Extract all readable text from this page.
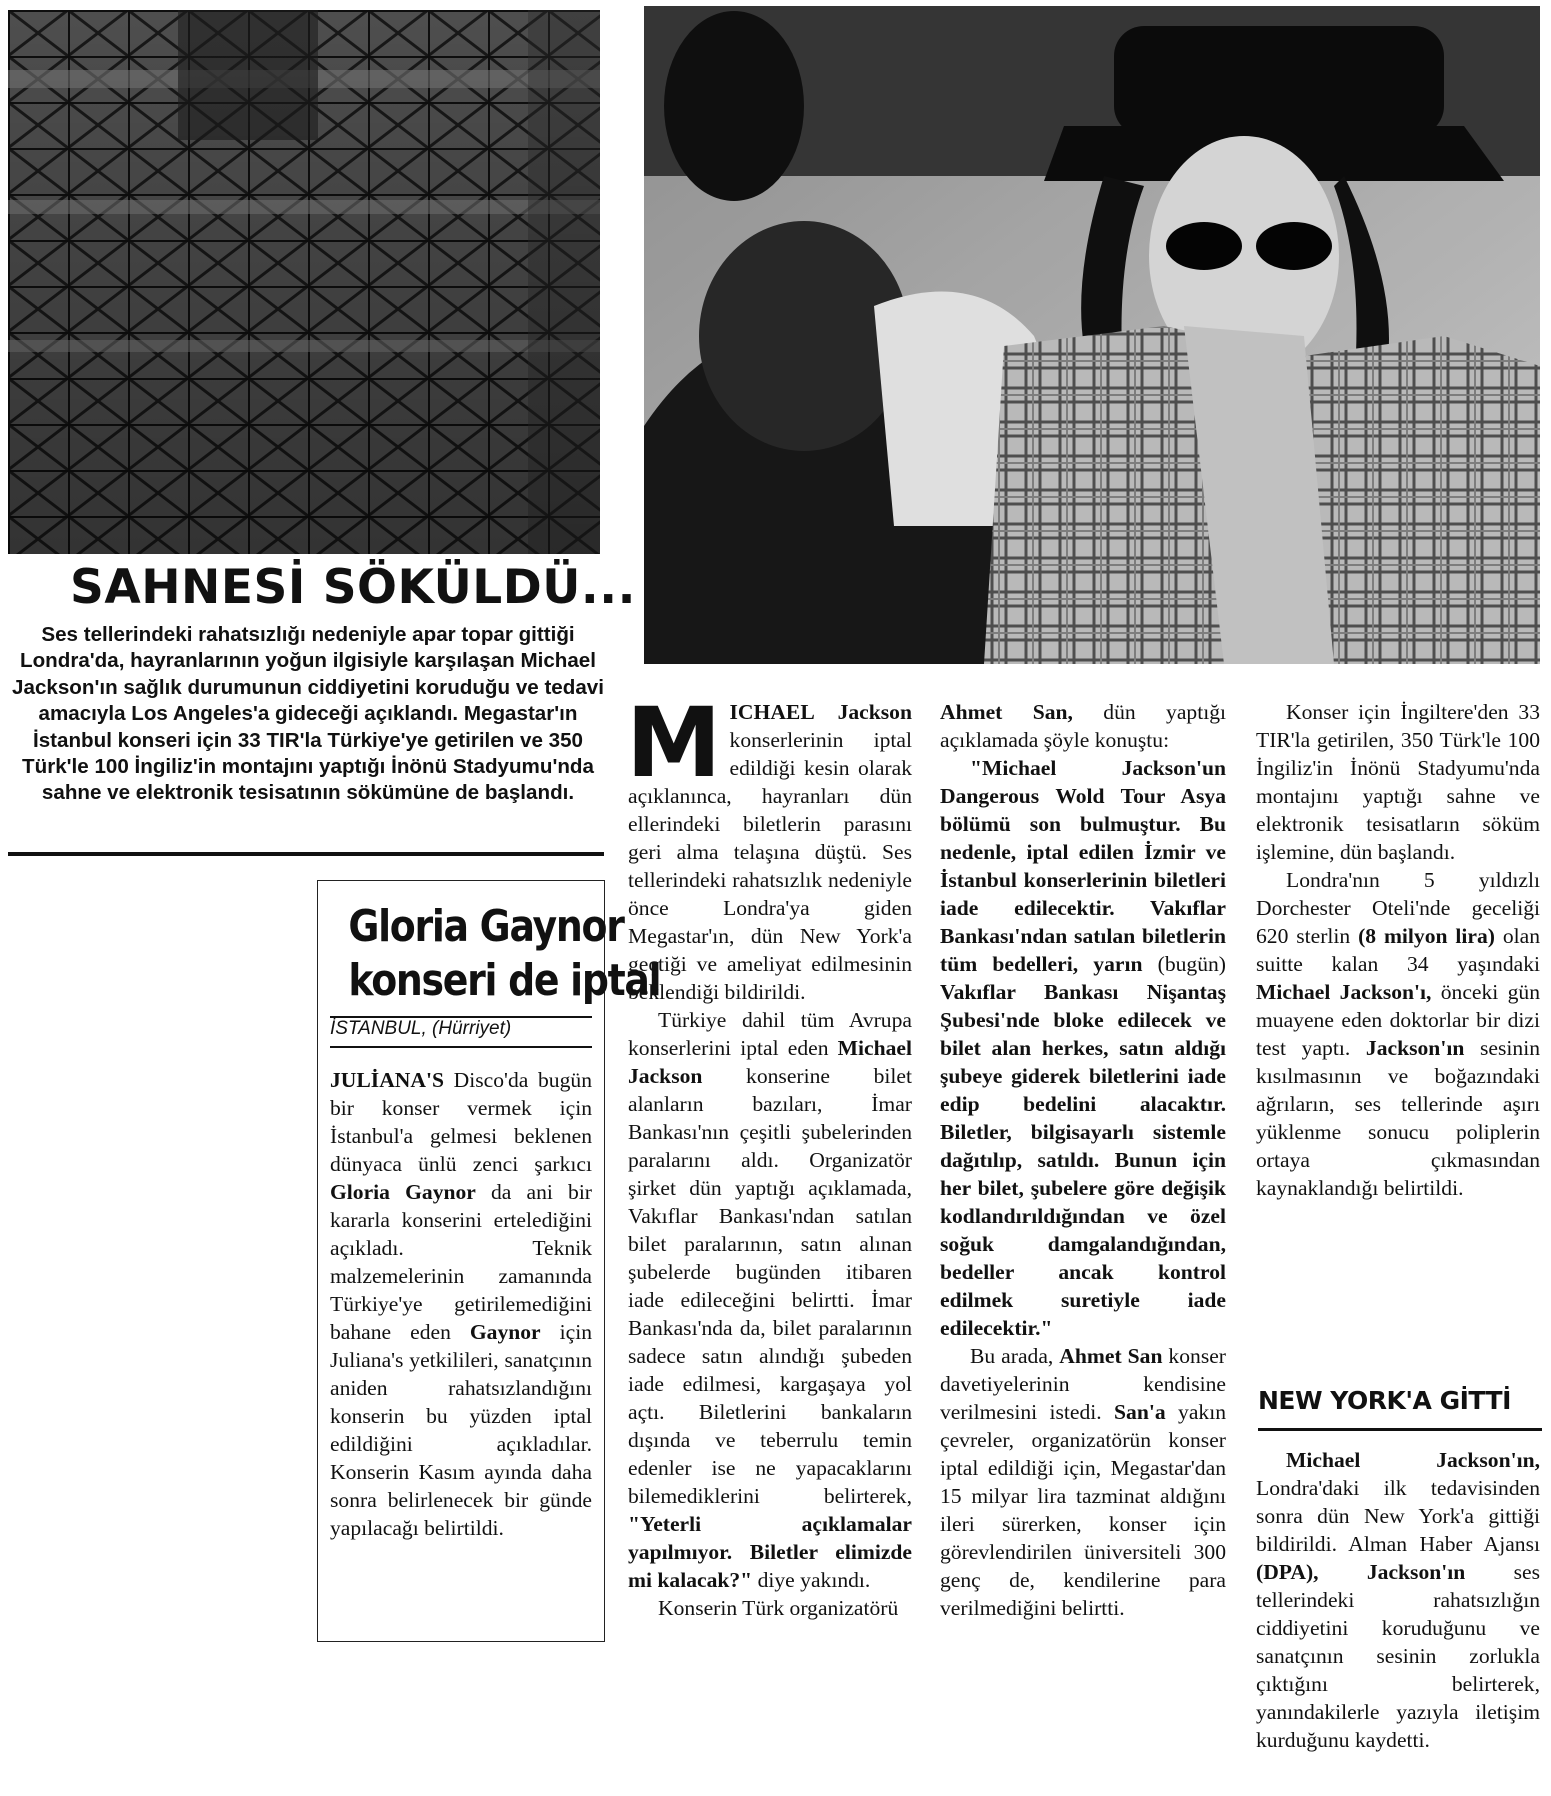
SAHNESİ SÖKÜLDÜ...
Ses tellerindeki rahatsızlığı nedeniyle apar topar gittiği Londra'da, hayranlarının yoğun ilgisiyle karşılaşan Michael Jackson'ın sağlık durumunun ciddiyetini koruduğu ve tedavi amacıyla Los Angeles'a gideceği açıklandı. Megastar'ın İstanbul konseri için 33 TIR'la Türkiye'ye getirilen ve 350 Türk'le 100 İngiliz'in montajını yaptığı İnönü Stadyumu'nda sahne ve elektronik tesisatının sökümüne de başlandı.
Gloria Gaynor
konseri de iptal
İSTANBUL, (Hürriyet)

JULİANA'S Disco'da bugün bir konser vermek için İstanbul'a gelmesi beklenen dünyaca ünlü zenci şarkıcı Gloria Gaynor da ani bir kararla konserini ertelediğini açıkladı. Teknik malzemelerinin zamanında Türkiye'ye getirilemediğini bahane eden Gaynor için Juliana's yetkilileri, sanatçının aniden rahatsızlandığını konserin bu yüzden iptal edildiğini açıkladılar. Konserin Kasım ayında daha sonra belirlenecek bir günde yapılacağı belirtildi.

MICHAEL Jackson konserlerinin iptal edildiği kesin olarak açıklanınca, hayranları dün ellerindeki biletlerin parasını geri alma telaşına düştü. Ses tellerindeki rahatsızlık nedeniyle önce Londra'ya giden Megastar'ın, dün New York'a geçtiği ve ameliyat edilmesinin beklendiği bildirildi.

Türkiye dahil tüm Avrupa konserlerini iptal eden Michael Jackson konserine bilet alanların bazıları, İmar Bankası'nın çeşitli şubelerinden paralarını aldı. Organizatör şirket dün yaptığı açıklamada, Vakıflar Bankası'ndan satılan bilet paralarının, satın alınan şubelerde bugünden itibaren iade edileceğini belirtti. İmar Bankası'nda da, bilet paralarının sadece satın alındığı şubeden iade edilmesi, kargaşaya yol açtı. Biletlerini bankaların dışında ve teberrulu temin edenler ise ne yapacaklarını bilemediklerini belirterek, "Yeterli açıklamalar yapılmıyor. Biletler elimizde mi kalacak?" diye yakındı.

Konserin Türk organizatörü

Ahmet San, dün yaptığı açıklamada şöyle konuştu:

"Michael Jackson'un Dangerous Wold Tour Asya bölümü son bulmuştur. Bu nedenle, iptal edilen İzmir ve İstanbul konserlerinin biletleri iade edilecektir. Vakıflar Bankası'ndan satılan biletlerin tüm bedelleri, yarın (bugün) Vakıflar Bankası Nişantaş Şubesi'nde bloke edilecek ve bilet alan herkes, satın aldığı şubeye giderek biletlerini iade edip bedelini alacaktır. Biletler, bilgisayarlı sistemle dağıtılıp, satıldı. Bunun için her bilet, şubelere göre değişik kodlandırıldığından ve özel soğuk damgalandığından, bedeller ancak kontrol edilmek suretiyle iade edilecektir."

Bu arada, Ahmet San konser davetiyelerinin kendisine verilmesini istedi. San'a yakın çevreler, organizatörün konser iptal edildiği için, Megastar'dan 15 milyar lira tazminat aldığını ileri sürerken, konser için görevlendirilen üniversiteli 300 genç de, kendilerine para verilmediğini belirtti.

Konser için İngiltere'den 33 TIR'la getirilen, 350 Türk'le 100 İngiliz'in İnönü Stadyumu'nda montajını yaptığı sahne ve elektronik tesisatların söküm işlemine, dün başlandı.

Londra'nın 5 yıldızlı Dorchester Oteli'nde geceliği 620 sterlin (8 milyon lira) olan suitte kalan 34 yaşındaki Michael Jackson'ı, önceki gün muayene eden doktorlar bir dizi test yaptı. Jackson'ın sesinin kısılmasının ve boğazındaki ağrıların, ses tellerinde aşırı yüklenme sonucu poliplerin ortaya çıkmasından kaynaklandığı belirtildi.

NEW YORK'A GİTTİ

Michael Jackson'ın, Londra'daki ilk tedavisinden sonra dün New York'a gittiği bildirildi. Alman Haber Ajansı (DPA), Jackson'ın ses tellerindeki rahatsızlığın ciddiyetini koruduğunu ve sanatçının sesinin zorlukla çıktığını belirterek, yanındakilerle yazıyla iletişim kurduğunu kaydetti.
